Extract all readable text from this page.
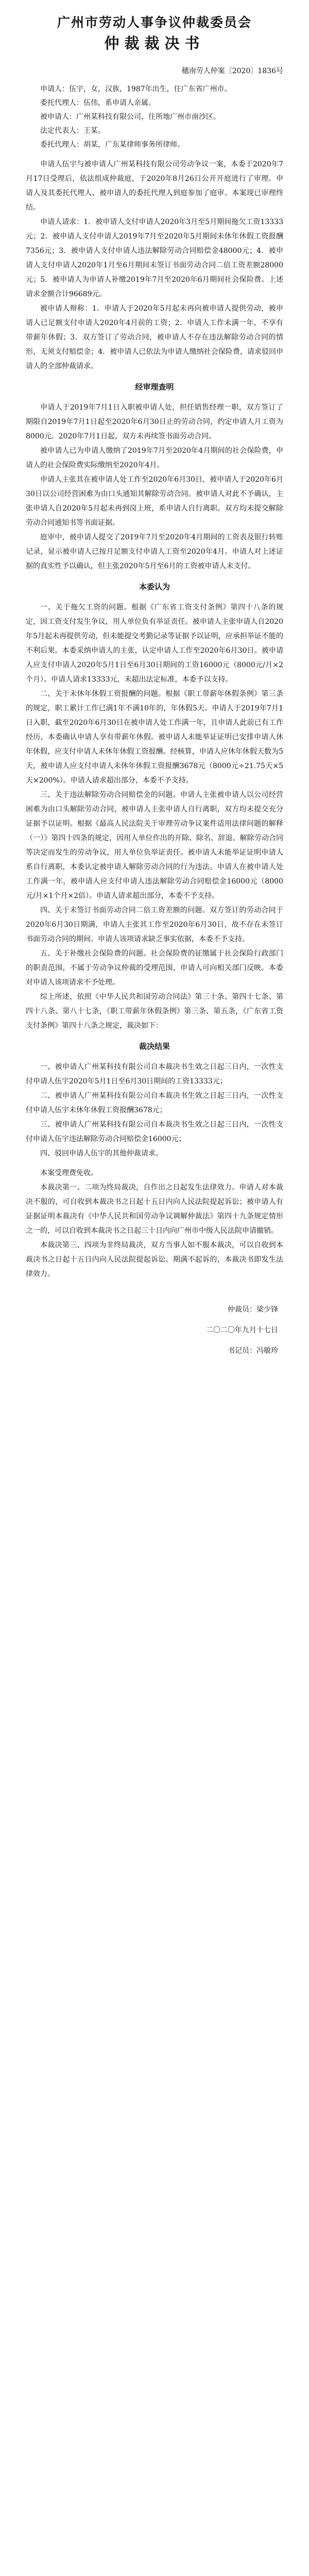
广州市劳动人事争议仲裁委员会
仲裁裁决书
穗南劳人仲案〔2020〕1836号

申请人：伍宇，女，汉族，1987年出生，住广东省广州市。

委托代理人：伍伟，系申请人亲属。

被申请人：广州某科技有限公司，住所地广州市南沙区。

法定代表人：王某。

委托代理人：胡某，广东某律师事务所律师。

申请人伍宇与被申请人广州某科技有限公司劳动争议一案，本委于2020年7月17日受理后，依法组成仲裁庭，于2020年8月26日公开开庭进行了审理。申请人及其委托代理人、被申请人的委托代理人到庭参加了庭审。本案现已审理终结。

申请人请求：1．被申请人支付申请人2020年3月至5月期间拖欠工资13333元；2．被申请人支付申请人2019年7月至2020年5月期间未休年休假工资报酬7356元；3．被申请人支付申请人违法解除劳动合同赔偿金48000元；4．被申请人支付申请人2020年1月至6月期间未签订书面劳动合同二倍工资差额28000元；5．被申请人为申请人补缴2019年7月至2020年6月期间社会保险费。上述请求金额合计96689元。

被申请人辩称：1．申请人于2020年5月起未再向被申请人提供劳动，被申请人已足额支付申请人2020年4月前的工资；2．申请人工作未满一年，不享有带薪年休假；3．双方签订了劳动合同，被申请人不存在违法解除劳动合同的情形，无须支付赔偿金；4．被申请人已依法为申请人缴纳社会保险费，请求驳回申请人的全部仲裁请求。

经审理查明

申请人于2019年7月1日入职被申请人处，担任销售经理一职，双方签订了期限自2019年7月1日起至2020年6月30日止的劳动合同，约定申请人月工资为8000元。2020年7月1日起，双方未再续签书面劳动合同。

被申请人已为申请人缴纳了2019年7月至2020年4月期间的社会保险费，申请人的社会保险费实际缴纳至2020年4月。

申请人主张其在被申请人处工作至2020年6月30日，被申请人于2020年6月30日以公司经营困难为由口头通知其解除劳动合同。被申请人对此不予确认，主张申请人自2020年5月起未再到岗上班，系申请人自行离职。双方均未提交解除劳动合同通知书等书面证据。

庭审中，被申请人提交了2019年7月至2020年4月期间的工资表及银行转账记录，显示被申请人已按月足额支付申请人工资至2020年4月。申请人对上述证据的真实性予以确认，但主张2020年5月至6月的工资被申请人未支付。

本委认为

一、关于拖欠工资的问题。根据《广东省工资支付条例》第四十八条的规定，因工资支付发生争议，用人单位负有举证责任。被申请人主张申请人自2020年5月起未再提供劳动，但未能提交考勤记录等证据予以证明，应承担举证不能的不利后果。本委采纳申请人的主张，认定申请人工作至2020年6月30日。被申请人应支付申请人2020年5月1日至6月30日期间的工资16000元（8000元/月×2个月）。申请人请求13333元，未超出法定标准，本委予以支持。

二、关于未休年休假工资报酬的问题。根据《职工带薪年休假条例》第三条的规定，职工累计工作已满1年不满10年的，年休假5天。申请人于2019年7月1日入职，截至2020年6月30日在被申请人处工作满一年，且申请人此前已有工作经历，本委确认申请人享有带薪年休假。被申请人未能举证证明已安排申请人休年休假，应支付申请人未休年休假工资报酬。经核算，申请人应休年休假天数为5天，被申请人应支付申请人未休年休假工资报酬3678元（8000元÷21.75天×5天×200%）。申请人请求超出部分，本委不予支持。

三、关于违法解除劳动合同赔偿金的问题。申请人主张被申请人以公司经营困难为由口头解除劳动合同，被申请人主张申请人自行离职，双方均未提交充分证据予以证明。根据《最高人民法院关于审理劳动争议案件适用法律问题的解释（一）》第四十四条的规定，因用人单位作出的开除、除名、辞退、解除劳动合同等决定而发生的劳动争议，用人单位负举证责任。被申请人未能举证证明申请人系自行离职，本委认定被申请人解除劳动合同的行为违法。申请人在被申请人处工作满一年，被申请人应支付申请人违法解除劳动合同赔偿金16000元（8000元/月×1个月×2倍）。申请人请求超出部分，本委不予支持。

四、关于未签订书面劳动合同二倍工资差额的问题。双方签订的劳动合同于2020年6月30日期满，申请人主张其工作至2020年6月30日，故不存在未签订书面劳动合同的期间。申请人该项请求缺乏事实依据，本委不予支持。

五、关于补缴社会保险费的问题。社会保险费的征缴属于社会保险行政部门的职责范围，不属于劳动争议仲裁的受理范围，申请人可向相关部门反映。本委对申请人该项请求不予处理。

综上所述，依照《中华人民共和国劳动合同法》第三十条、第四十七条、第四十八条、第八十七条，《职工带薪年休假条例》第三条、第五条，《广东省工资支付条例》第四十八条之规定，裁决如下：

裁决结果

一、被申请人广州某科技有限公司自本裁决书生效之日起三日内，一次性支付申请人伍宇2020年5月1日至6月30日期间的工资13333元；

二、被申请人广州某科技有限公司自本裁决书生效之日起三日内，一次性支付申请人伍宇未休年休假工资报酬3678元；

三、被申请人广州某科技有限公司自本裁决书生效之日起三日内，一次性支付申请人伍宇违法解除劳动合同赔偿金16000元；

四、驳回申请人伍宇的其他仲裁请求。

本案受理费免收。

本裁决第一、二项为终局裁决，自作出之日起发生法律效力。申请人对本裁决不服的，可自收到本裁决书之日起十五日内向人民法院提起诉讼；被申请人有证据证明本裁决有《中华人民共和国劳动争议调解仲裁法》第四十九条规定情形之一的，可以自收到本裁决书之日起三十日内向广州市中级人民法院申请撤销。

本裁决第三、四项为非终局裁决，双方当事人如不服本裁决，可以自收到本裁决书之日起十五日内向人民法院提起诉讼。期满不起诉的，本裁决书即发生法律效力。

仲裁员：梁少锋
二〇二〇年九月十七日
书记员：冯敏珍
